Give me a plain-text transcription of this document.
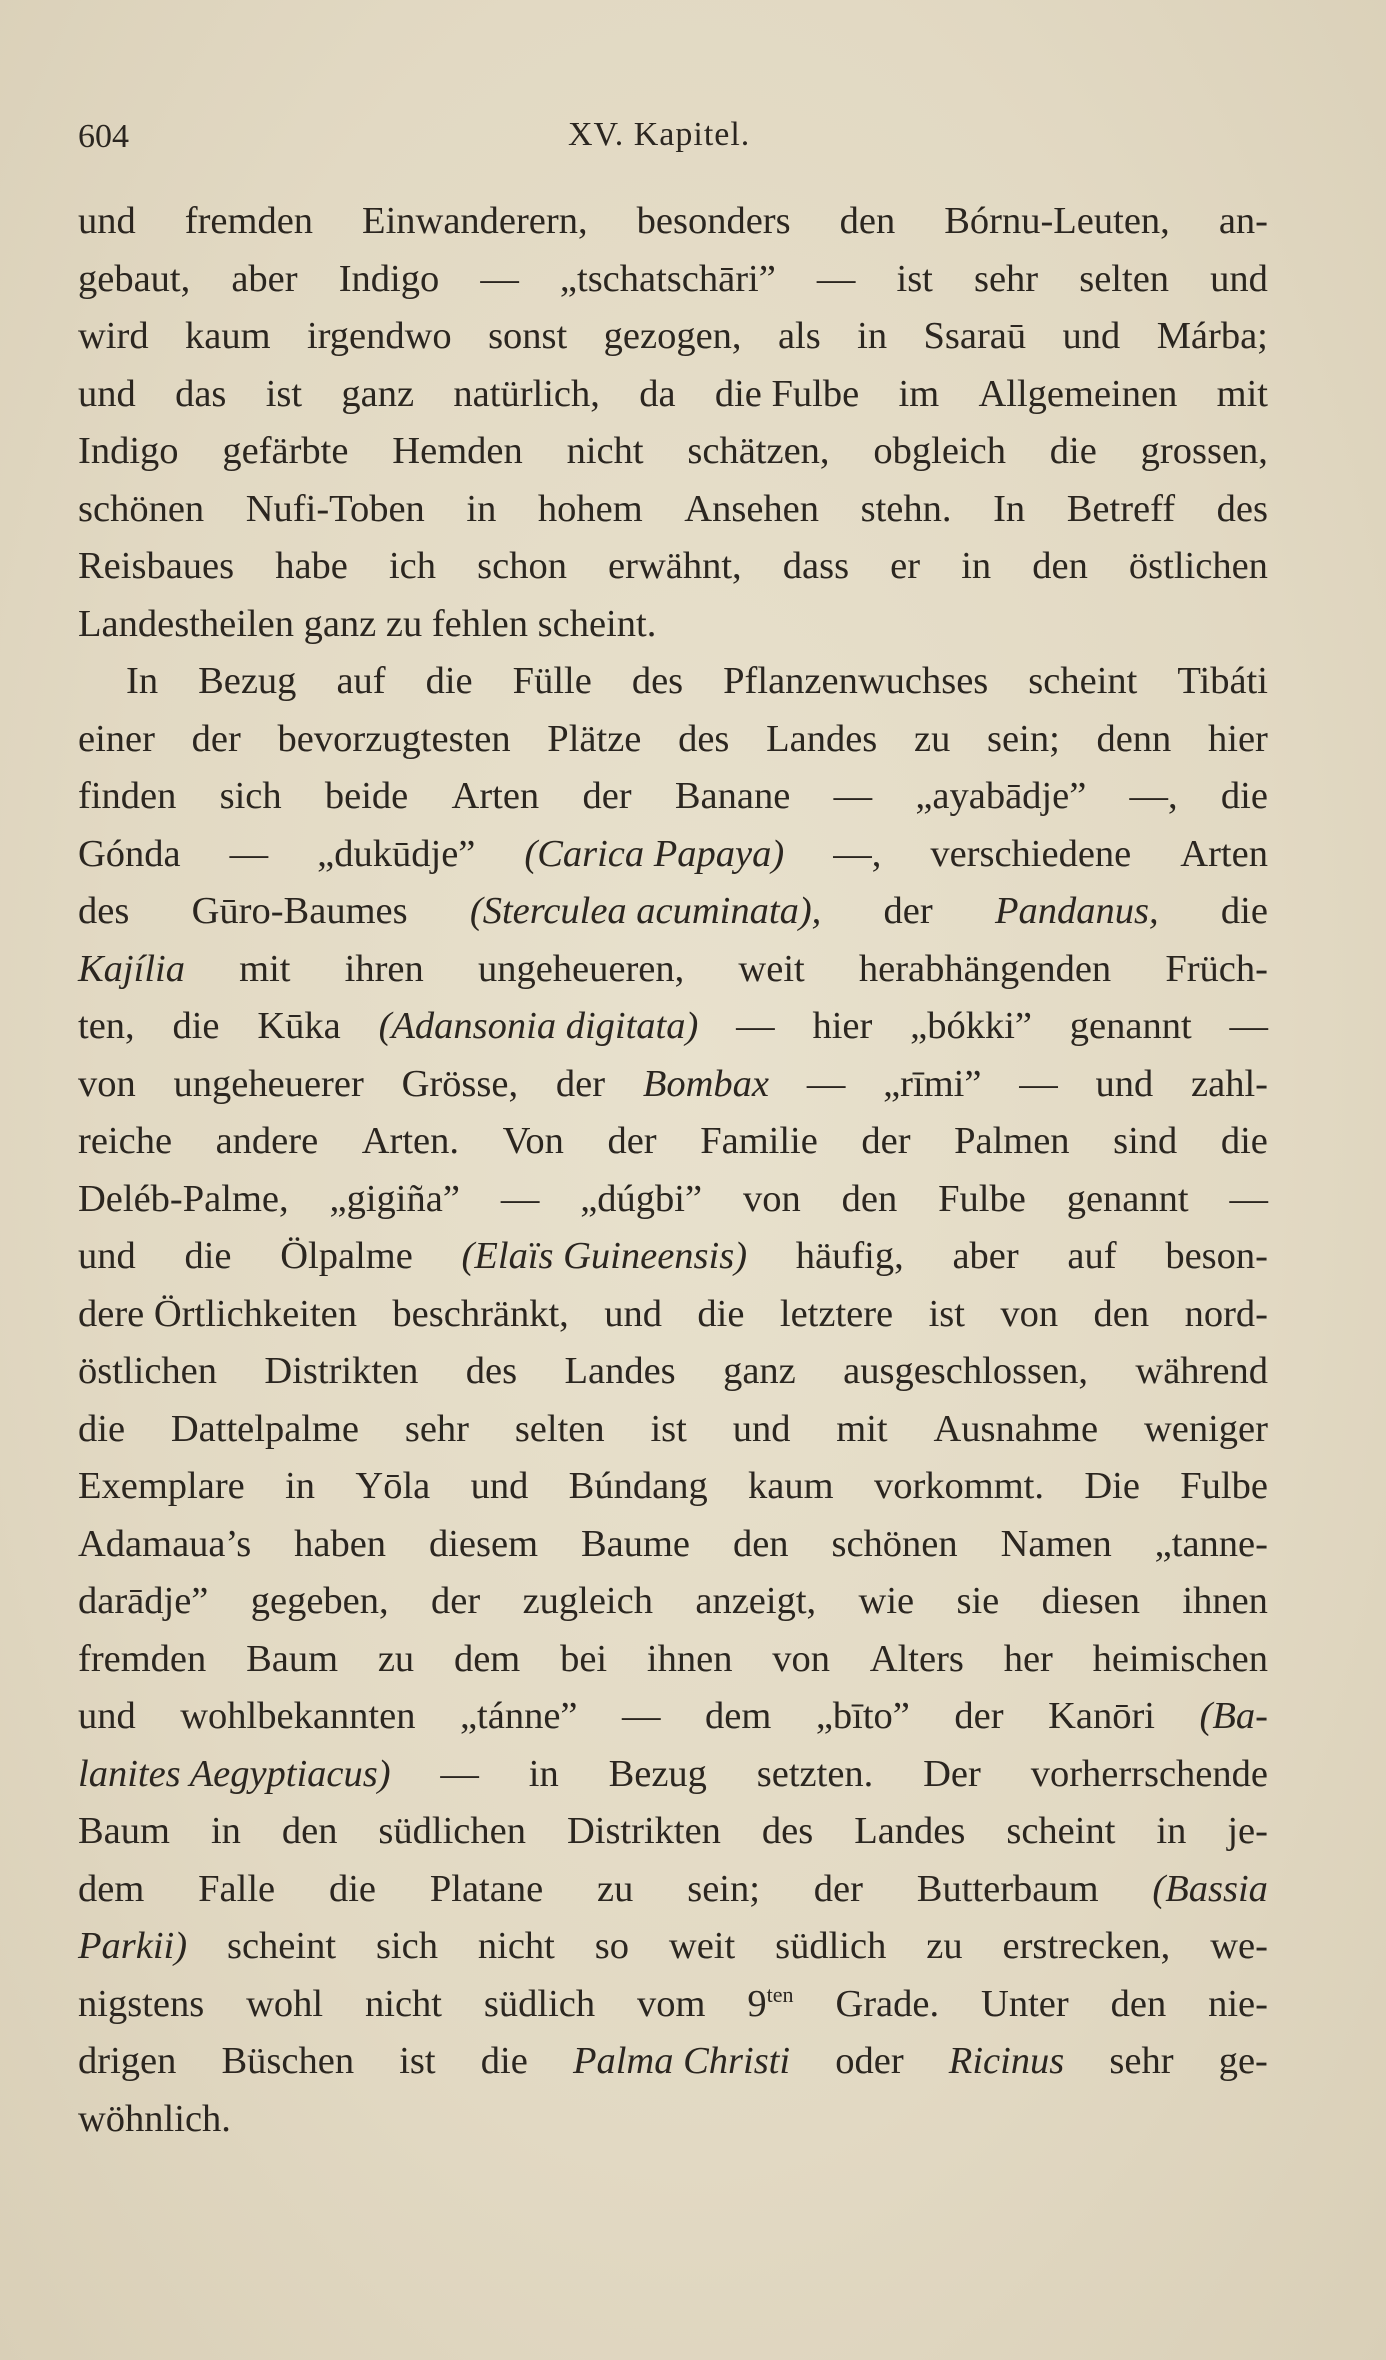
604	XV. Kapitel.
und fremden Einwanderern, besonders den Bórnu-Leuten, an-
gebaut, aber Indigo — „tschatschāri” — ist sehr selten und
wird kaum irgendwo sonst gezogen, als in Ssaraū und Márba;
und das ist ganz natürlich, da die Fulbe im Allgemeinen mit
Indigo gefärbte Hemden nicht schätzen, obgleich die grossen,
schönen Nufi-Toben in hohem Ansehen stehn. In Betreff des
Reisbaues habe ich schon erwähnt, dass er in den östlichen
Landestheilen ganz zu fehlen scheint.
In Bezug auf die Fülle des Pflanzenwuchses scheint Tibáti
einer der bevorzugtesten Plätze des Landes zu sein; denn hier
finden sich beide Arten der Banane — „ayabādje” —, die
Gónda — „dukūdje” (Carica Papaya) —, verschiedene Arten
des Gūro-Baumes (Sterculea acuminata), der Pandanus, die
Kajília mit ihren ungeheueren, weit herabhängenden Früch-
ten, die Kūka (Adansonia digitata) — hier „bókki” genannt —
von ungeheuerer Grösse, der Bombax — „rīmi” — und zahl-
reiche andere Arten. Von der Familie der Palmen sind die
Deléb-Palme, „gigiña” — „dúgbi” von den Fulbe genannt —
und die Ölpalme (Elaïs Guineensis) häufig, aber auf beson-
dere Örtlichkeiten beschränkt, und die letztere ist von den nord-
östlichen Distrikten des Landes ganz ausgeschlossen, während
die Dattelpalme sehr selten ist und mit Ausnahme weniger
Exemplare in Yōla und Búndang kaum vorkommt. Die Fulbe
Adamaua’s haben diesem Baume den schönen Namen „tanne-
darādje” gegeben, der zugleich anzeigt, wie sie diesen ihnen
fremden Baum zu dem bei ihnen von Alters her heimischen
und wohlbekannten „tánne” — dem „bīto” der Kanōri (Ba-
lanites Aegyptiacus) — in Bezug setzten. Der vorherrschende
Baum in den südlichen Distrikten des Landes scheint in je-
dem Falle die Platane zu sein; der Butterbaum (Bassia
Parkii) scheint sich nicht so weit südlich zu erstrecken, we-
nigstens wohl nicht südlich vom $9^{ten}$ Grade. Unter den nie-
drigen Büschen ist die Palma Christi oder Ricinus sehr ge-
wöhnlich.
